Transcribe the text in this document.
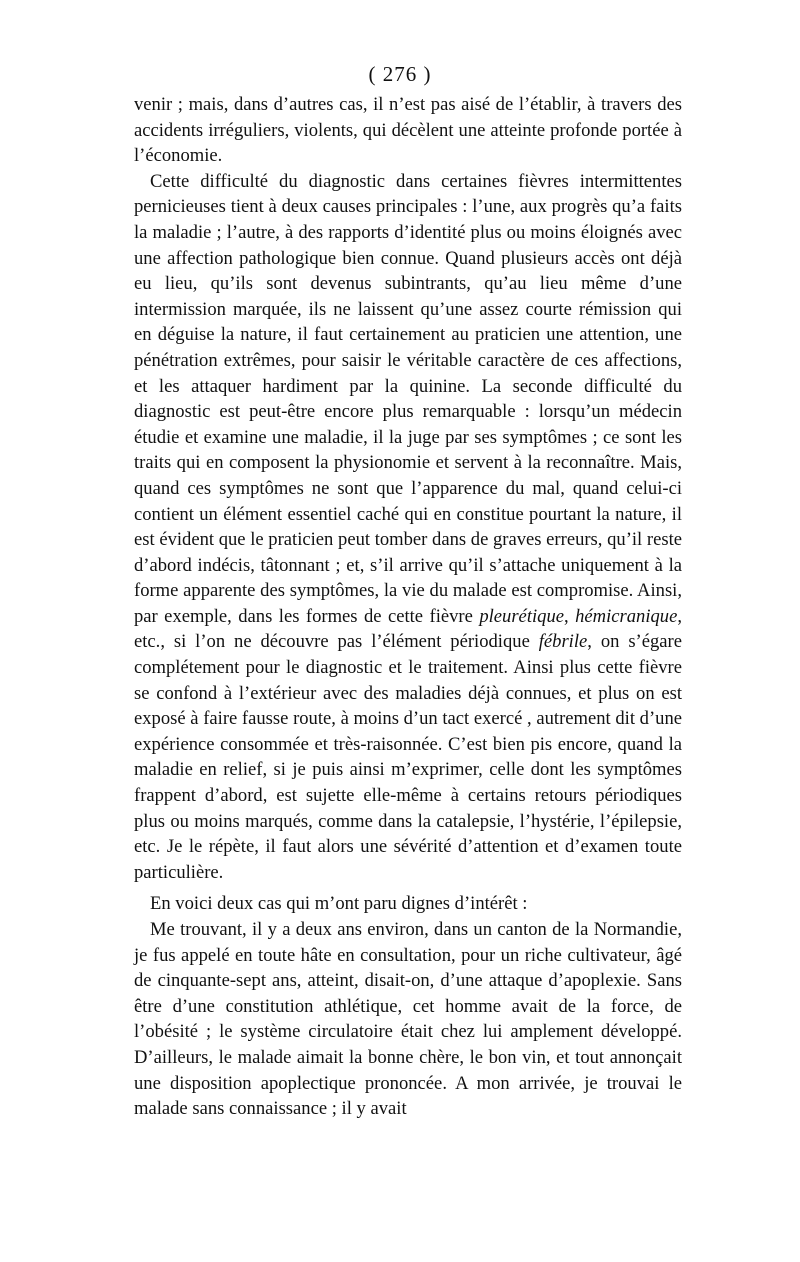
( 276 )

venir ; mais, dans d’autres cas, il n’est pas aisé de l’établir, à travers des accidents irréguliers, violents, qui décèlent une atteinte profonde portée à l’économie.

Cette difficulté du diagnostic dans certaines fièvres intermittentes pernicieuses tient à deux causes principales : l’une, aux progrès qu’a faits la maladie ; l’autre, à des rapports d’identité plus ou moins éloignés avec une affection pathologique bien connue. Quand plusieurs accès ont déjà eu lieu, qu’ils sont devenus subintrants, qu’au lieu même d’une intermission marquée, ils ne laissent qu’une assez courte rémission qui en déguise la nature, il faut certainement au praticien une attention, une pénétration extrêmes, pour saisir le véritable caractère de ces affections, et les attaquer hardiment par la quinine. La seconde difficulté du diagnostic est peut-être encore plus remarquable : lorsqu’un médecin étudie et examine une maladie, il la juge par ses symptômes ; ce sont les traits qui en composent la physionomie et servent à la reconnaître. Mais, quand ces symptômes ne sont que l’apparence du mal, quand celui-ci contient un élément essentiel caché qui en constitue pourtant la nature, il est évident que le praticien peut tomber dans de graves erreurs, qu’il reste d’abord indécis, tâtonnant ; et, s’il arrive qu’il s’attache uniquement à la forme apparente des symptômes, la vie du malade est compromise. Ainsi, par exemple, dans les formes de cette fièvre pleurétique, hémicranique, etc., si l’on ne découvre pas l’élément périodique fébrile, on s’égare complétement pour le diagnostic et le traitement. Ainsi plus cette fièvre se confond à l’extérieur avec des maladies déjà connues, et plus on est exposé à faire fausse route, à moins d’un tact exercé , autrement dit d’une expérience consommée et très-raisonnée. C’est bien pis encore, quand la maladie en relief, si je puis ainsi m’exprimer, celle dont les symptômes frappent d’abord, est sujette elle-même à certains retours périodiques plus ou moins marqués, comme dans la catalepsie, l’hystérie, l’épilepsie, etc. Je le répète, il faut alors une sévérité d’attention et d’examen toute particulière.

En voici deux cas qui m’ont paru dignes d’intérêt :

Me trouvant, il y a deux ans environ, dans un canton de la Normandie, je fus appelé en toute hâte en consultation, pour un riche cultivateur, âgé de cinquante-sept ans, atteint, disait-on, d’une attaque d’apoplexie. Sans être d’une constitution athlétique, cet homme avait de la force, de l’obésité ; le système circulatoire était chez lui amplement développé. D’ailleurs, le malade aimait la bonne chère, le bon vin, et tout annonçait une disposition apoplectique prononcée. A mon arrivée, je trouvai le malade sans connaissance ; il y avait
